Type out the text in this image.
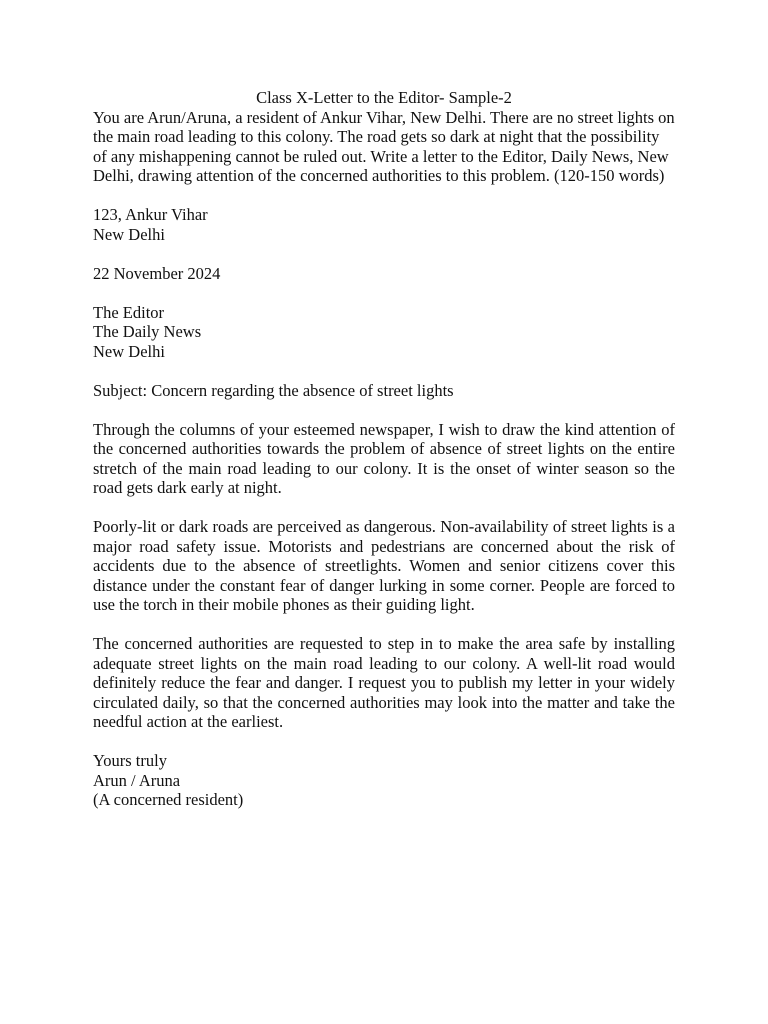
Class X-Letter to the Editor- Sample-2
You are Arun/Aruna, a resident of Ankur Vihar, New Delhi. There are no street lights on the main road leading to this colony. The road gets so dark at night that the possibility of any mishappening cannot be ruled out. Write a letter to the Editor, Daily News, New Delhi, drawing attention of the concerned authorities to this problem. (120-150 words)
123, Ankur Vihar
New Delhi
22 November 2024
The Editor
The Daily News
New Delhi
Subject: Concern regarding the absence of street lights

Through the columns of your esteemed newspaper, I wish to draw the kind attention of the concerned authorities towards the problem of absence of street lights on the entire stretch of the main road leading to our colony. It is the onset of winter season so the road gets dark early at night.

Poorly-lit or dark roads are perceived as dangerous. Non-availability of street lights is a major road safety issue. Motorists and pedestrians are concerned about the risk of accidents due to the absence of streetlights. Women and senior citizens cover this distance under the constant fear of danger lurking in some corner. People are forced to use the torch in their mobile phones as their guiding light.

The concerned authorities are requested to step in to make the area safe by installing adequate street lights on the main road leading to our colony. A well-lit road would definitely reduce the fear and danger. I request you to publish my letter in your widely circulated daily, so that the concerned authorities may look into the matter and take the needful action at the earliest.

Yours truly
Arun / Aruna
(A concerned resident)
